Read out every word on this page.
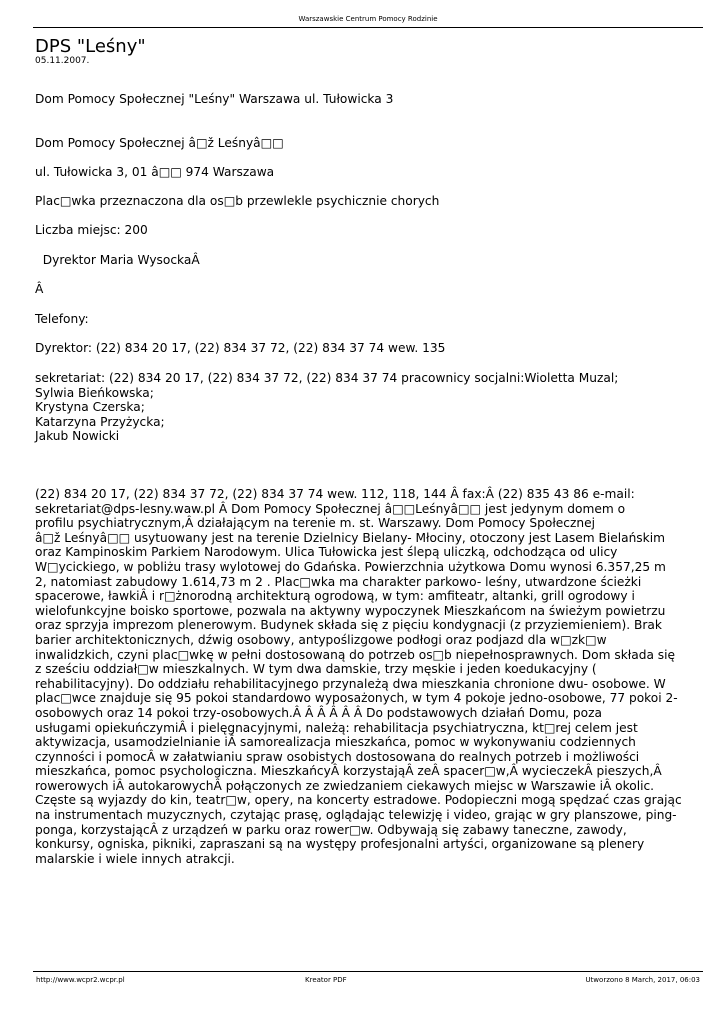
Warszawskie Centrum Pomocy Rodzinie
DPS "Leśny"
05.11.2007.

Dom Pomocy Społecznej "Leśny" Warszawa ul. Tułowicka 3

Dom Pomocy Społecznej â□ž Leśnyâ□□

ul. Tułowicka 3, 01 â□□ 974 Warszawa

Plac□wka przeznaczona dla os□b przewlekle psychicznie chorych

Liczba miejsc: 200

Dyrektor Maria WysockaÂ

Â

Telefony:

Dyrektor: (22) 834 20 17, (22) 834 37 72, (22) 834 37 74 wew. 135

sekretariat: (22) 834 20 17, (22) 834 37 72, (22) 834 37 74 pracownicy socjalni:Wioletta Muzal;
Sylwia Bieńkowska;
Krystyna Czerska;
Katarzyna Przyżycka;
Jakub Nowicki

(22) 834 20 17, (22) 834 37 72, (22) 834 37 74 wew. 112, 118, 144 Â fax:Â (22) 835 43 86 e-mail:
sekretariat@dps-lesny.waw.pl Â Dom Pomocy Społecznej â□□Leśnyâ□□ jest jedynym domem o
profilu psychiatrycznym,Â działającym na terenie m. st. Warszawy. Dom Pomocy Społecznej
â□ž Leśnyâ□□ usytuowany jest na terenie Dzielnicy Bielany- Młociny, otoczony jest Lasem Bielańskim
oraz Kampinoskim Parkiem Narodowym. Ulica Tułowicka jest ślepą uliczką, odchodząca od ulicy
W□ycickiego, w pobliżu trasy wylotowej do Gdańska. Powierzchnia użytkowa Domu wynosi 6.357,25 m
2, natomiast zabudowy 1.614,73 m 2 . Plac□wka ma charakter parkowo- leśny, utwardzone ścieżki
spacerowe, ławkiÂ i r□żnorodną architekturą ogrodową, w tym: amfiteatr, altanki, grill ogrodowy i
wielofunkcyjne boisko sportowe, pozwala na aktywny wypoczynek Mieszkańcom na świeżym powietrzu
oraz sprzyja imprezom plenerowym. Budynek składa się z pięciu kondygnacji (z przyziemieniem). Brak
barier architektonicznych, dźwig osobowy, antypoślizgowe podłogi oraz podjazd dla w□zk□w
inwalidzkich, czyni plac□wkę w pełni dostosowaną do potrzeb os□b niepełnosprawnych. Dom składa się
z sześciu oddział□w mieszkalnych. W tym dwa damskie, trzy męskie i jeden koedukacyjny (
rehabilitacyjny). Do oddziału rehabilitacyjnego przynależą dwa mieszkania chronione dwu- osobowe. W
plac□wce znajduje się 95 pokoi standardowo wyposażonych, w tym 4 pokoje jedno-osobowe, 77 pokoi 2-
osobowych oraz 14 pokoi trzy-osobowych.Â Â Â Â Â Â Do podstawowych działań Domu, poza
usługami opiekuńczymiÂ i pielęgnacyjnymi, należą: rehabilitacja psychiatryczna, kt□rej celem jest
aktywizacja, usamodzielnianie iÂ samorealizacja mieszkańca, pomoc w wykonywaniu codziennych
czynności i pomocÂ w załatwianiu spraw osobistych dostosowana do realnych potrzeb i możliwości
mieszkańca, pomoc psychologiczna. MieszkańcyÂ korzystająÂ zeÂ spacer□w,Â wycieczekÂ pieszych,Â
rowerowych iÂ autokarowychÂ połączonych ze zwiedzaniem ciekawych miejsc w Warszawie iÂ okolic.
Częste są wyjazdy do kin, teatr□w, opery, na koncerty estradowe. Podopieczni mogą spędzać czas grając
na instrumentach muzycznych, czytając prasę, oglądając telewizję i video, grając w gry planszowe, ping-
ponga, korzystającÂ z urządzeń w parku oraz rower□w. Odbywają się zabawy taneczne, zawody,
konkursy, ogniska, pikniki, zapraszani są na występy profesjonalni artyści, organizowane są plenery
malarskie i wiele innych atrakcji.

http://www.wcpr2.wcpr.pl	Kreator PDF	Utworzono 8 March, 2017, 06:03
